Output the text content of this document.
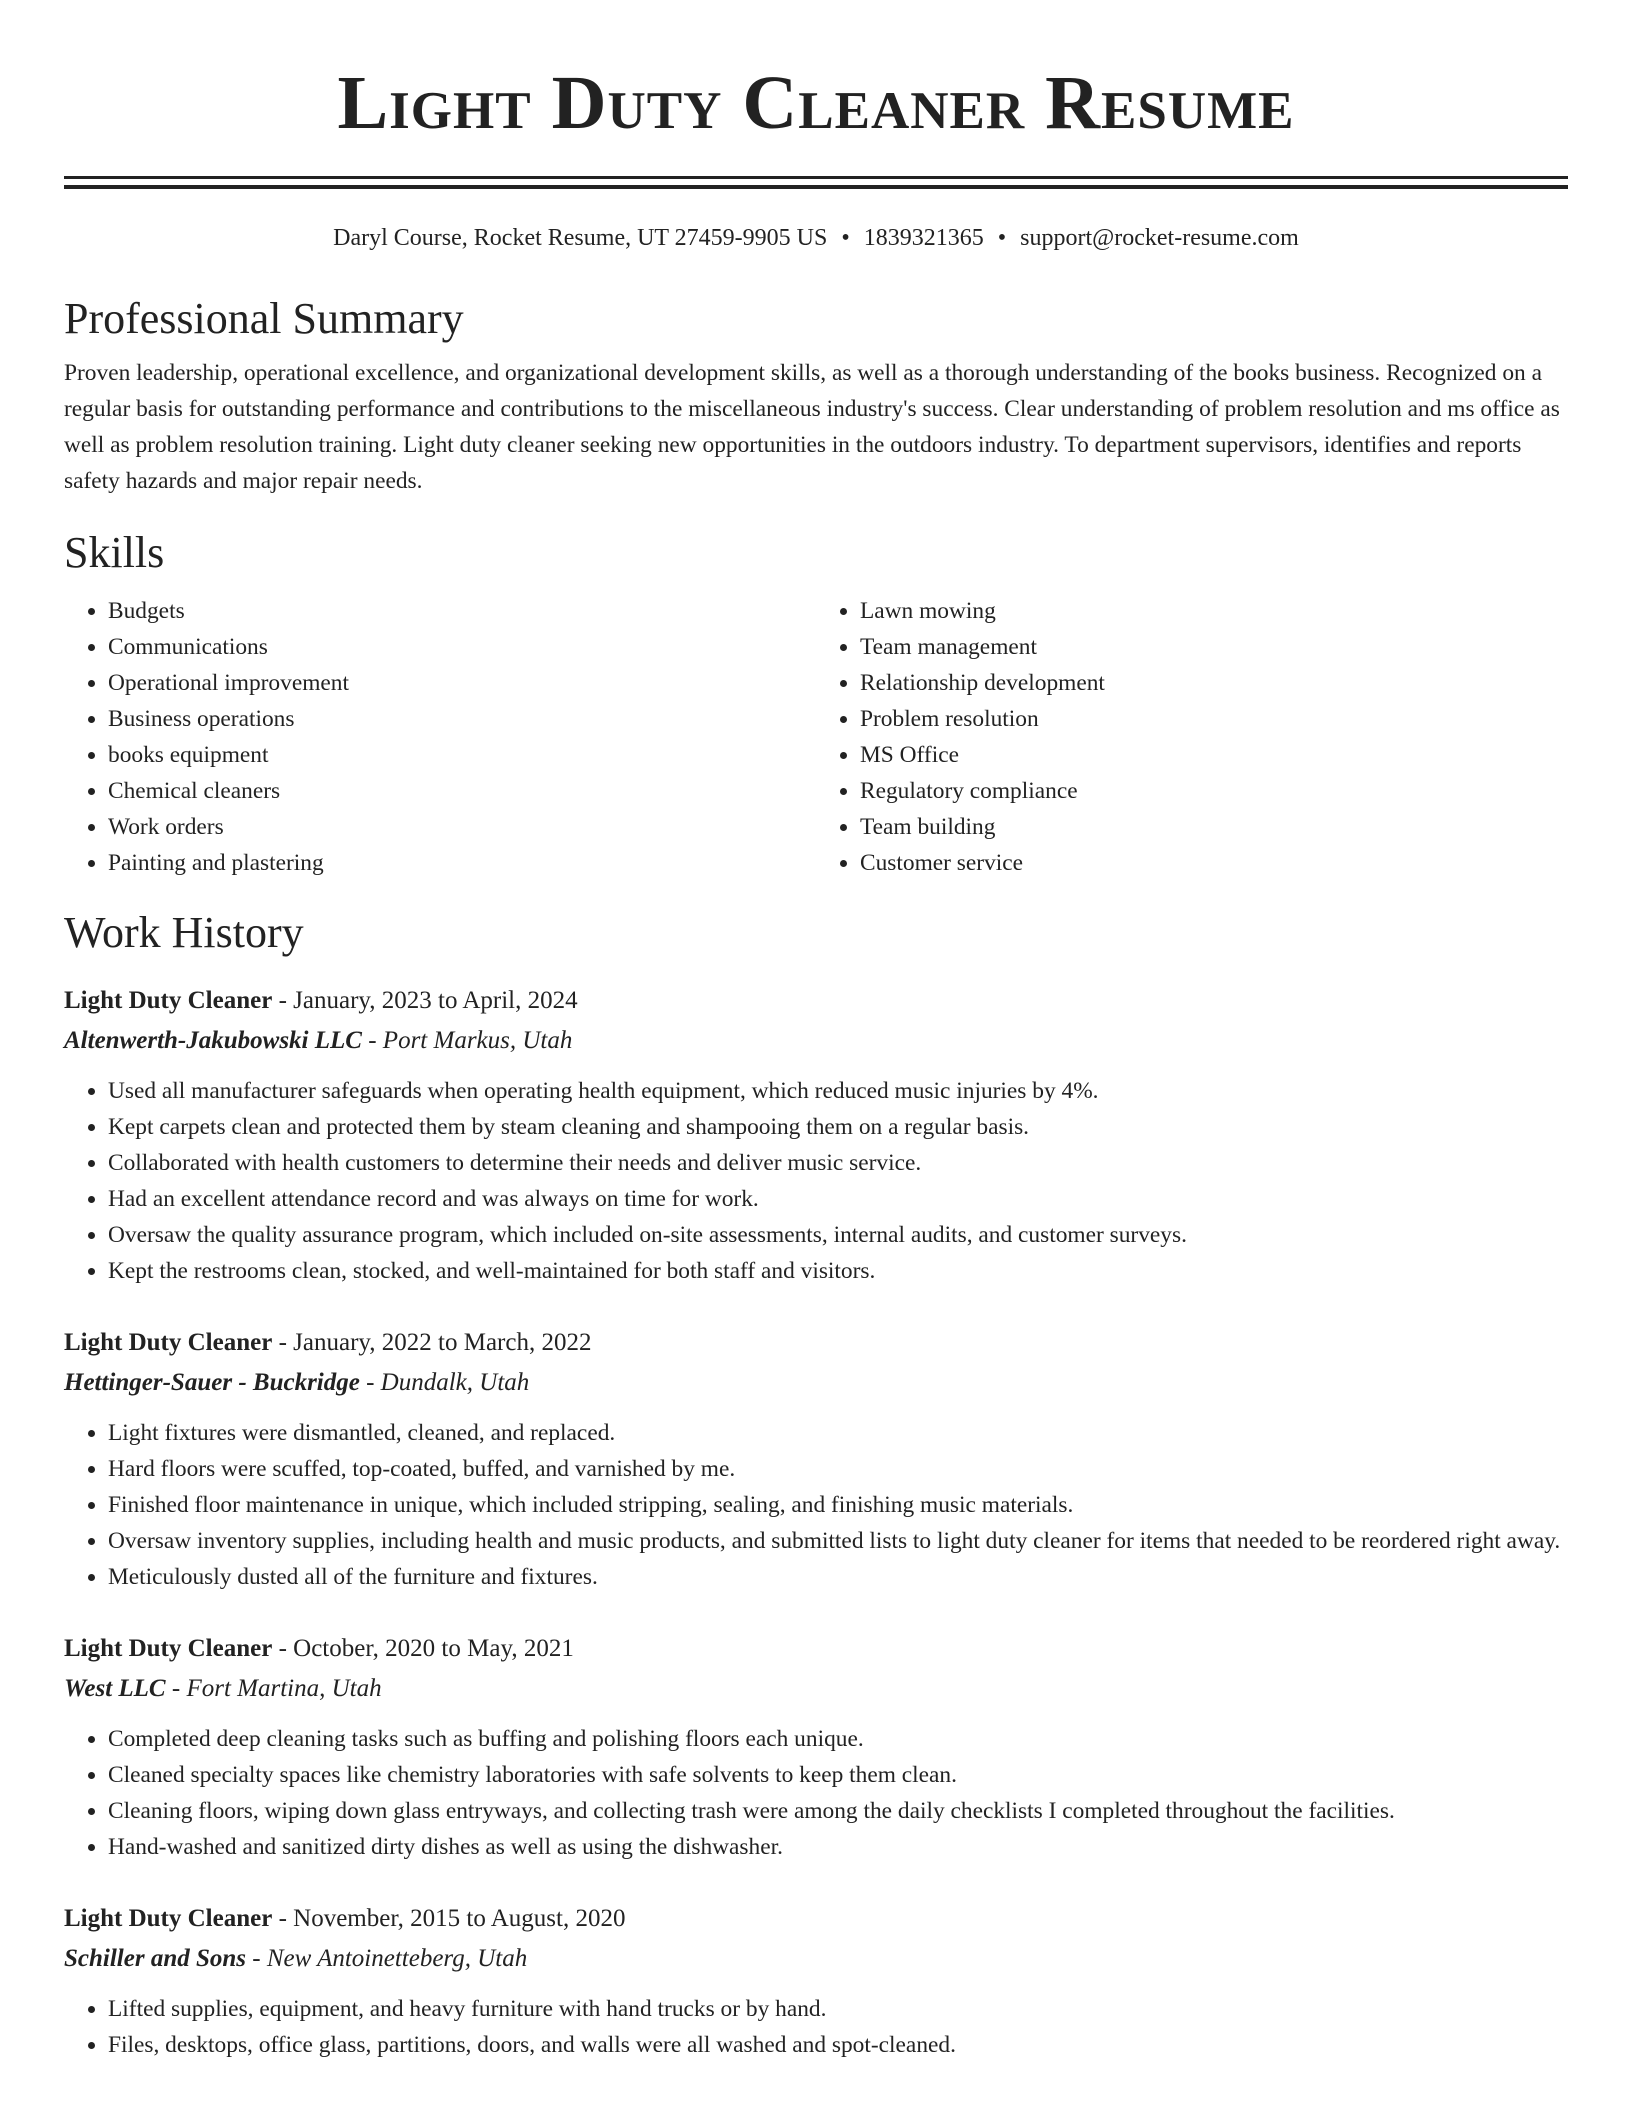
Light Duty Cleaner Resume
Daryl Course, Rocket Resume, UT 27459-9905 US • 1839321365 • support@rocket-resume.com
Professional Summary

Proven leadership, operational excellence, and organizational development skills, as well as a thorough understanding of the books business. Recognized on a regular basis for outstanding performance and contributions to the miscellaneous industry's success. Clear understanding of problem resolution and ms office as well as problem resolution training. Light duty cleaner seeking new opportunities in the outdoors industry. To department supervisors, identifies and reports safety hazards and major repair needs.

Skills
• Budgets
• Communications
• Operational improvement
• Business operations
• books equipment
• Chemical cleaners
• Work orders
• Painting and plastering
• Lawn mowing
• Team management
• Relationship development
• Problem resolution
• MS Office
• Regulatory compliance
• Team building
• Customer service
Work History
Light Duty Cleaner - January, 2023 to April, 2024
Altenwerth-Jakubowski LLC - Port Markus, Utah
• Used all manufacturer safeguards when operating health equipment, which reduced music injuries by 4%.
• Kept carpets clean and protected them by steam cleaning and shampooing them on a regular basis.
• Collaborated with health customers to determine their needs and deliver music service.
• Had an excellent attendance record and was always on time for work.
• Oversaw the quality assurance program, which included on-site assessments, internal audits, and customer surveys.
• Kept the restrooms clean, stocked, and well-maintained for both staff and visitors.
Light Duty Cleaner - January, 2022 to March, 2022
Hettinger-Sauer - Buckridge - Dundalk, Utah
• Light fixtures were dismantled, cleaned, and replaced.
• Hard floors were scuffed, top-coated, buffed, and varnished by me.
• Finished floor maintenance in unique, which included stripping, sealing, and finishing music materials.
• Oversaw inventory supplies, including health and music products, and submitted lists to light duty cleaner for items that needed to be reordered right away.
• Meticulously dusted all of the furniture and fixtures.
Light Duty Cleaner - October, 2020 to May, 2021
West LLC - Fort Martina, Utah
• Completed deep cleaning tasks such as buffing and polishing floors each unique.
• Cleaned specialty spaces like chemistry laboratories with safe solvents to keep them clean.
• Cleaning floors, wiping down glass entryways, and collecting trash were among the daily checklists I completed throughout the facilities.
• Hand-washed and sanitized dirty dishes as well as using the dishwasher.
Light Duty Cleaner - November, 2015 to August, 2020
Schiller and Sons - New Antoinetteberg, Utah
• Lifted supplies, equipment, and heavy furniture with hand trucks or by hand.
• Files, desktops, office glass, partitions, doors, and walls were all washed and spot-cleaned.
